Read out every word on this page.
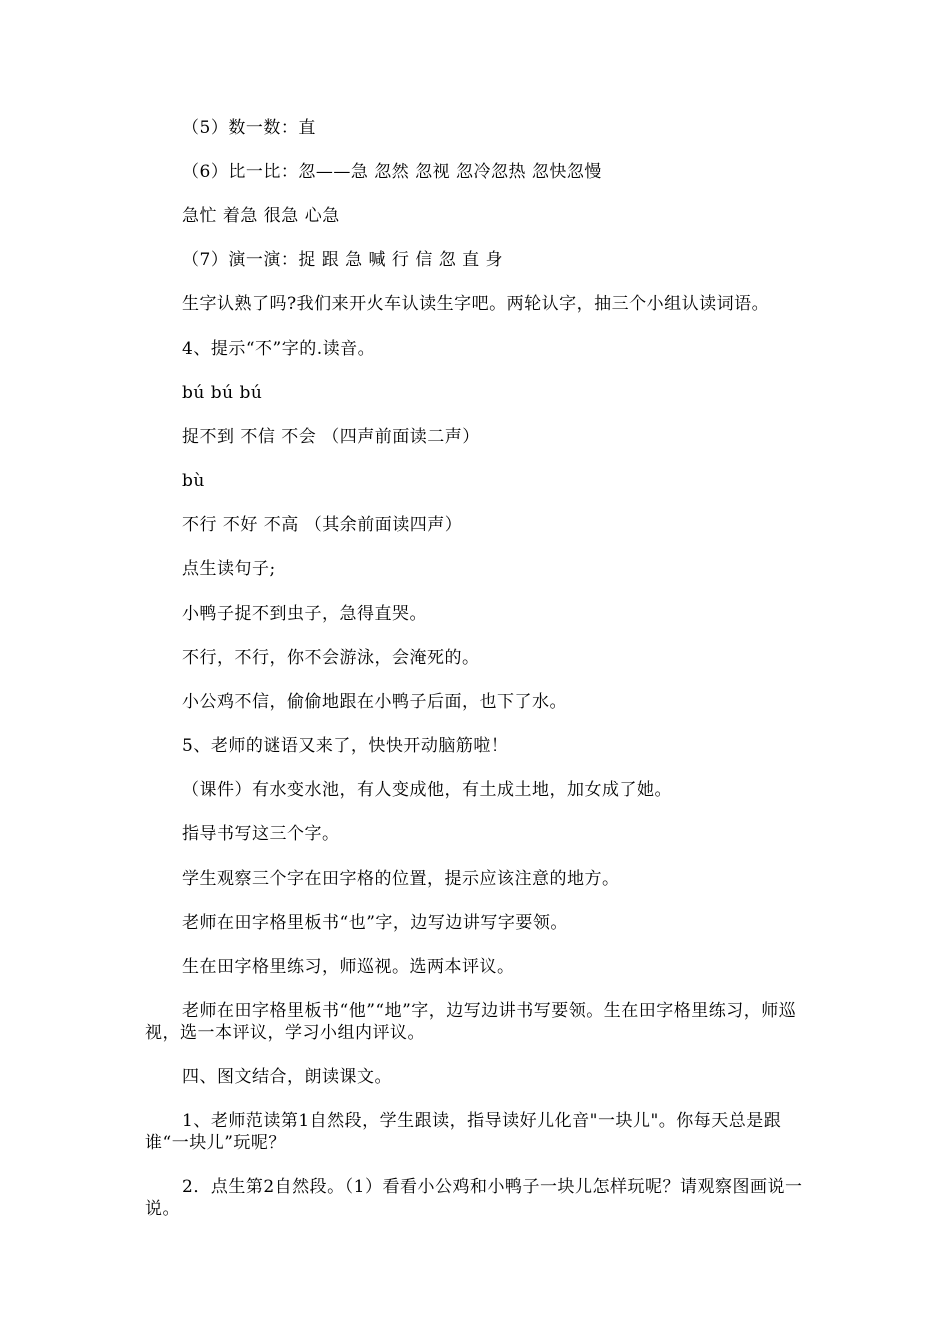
（5）数一数：直
（6）比一比：忽——急 忽然 忽视 忽冷忽热 忽快忽慢
急忙 着急 很急 心急
（7）演一演：捉 跟 急 喊 行 信 忽 直 身
生字认熟了吗?我们来开火车认读生字吧。两轮认字，抽三个小组认读词语。
4、提示“不”字的.读音。
bú bú bú
捉不到 不信 不会 （四声前面读二声）
bù
不行 不好 不高 （其余前面读四声）
点生读句子;
小鸭子捉不到虫子，急得直哭。
不行，不行，你不会游泳，会淹死的。
小公鸡不信，偷偷地跟在小鸭子后面，也下了水。
5、老师的谜语又来了，快快开动脑筋啦！
（课件）有水变水池，有人变成他，有土成土地，加女成了她。
指导书写这三个字。
学生观察三个字在田字格的位置，提示应该注意的地方。
老师在田字格里板书“也”字，边写边讲写字要领。
生在田字格里练习，师巡视。选两本评议。
老师在田字格里板书“他”“地”字，边写边讲书写要领。生在田字格里练习，师巡视，选一本评议，学习小组内评议。
四、图文结合，朗读课文。
1、老师范读第1自然段，学生跟读，指导读好儿化音"一块儿"。你每天总是跟谁“一块儿”玩呢？
2．点生第2自然段。（1）看看小公鸡和小鸭子一块儿怎样玩呢？请观察图画说一说。
